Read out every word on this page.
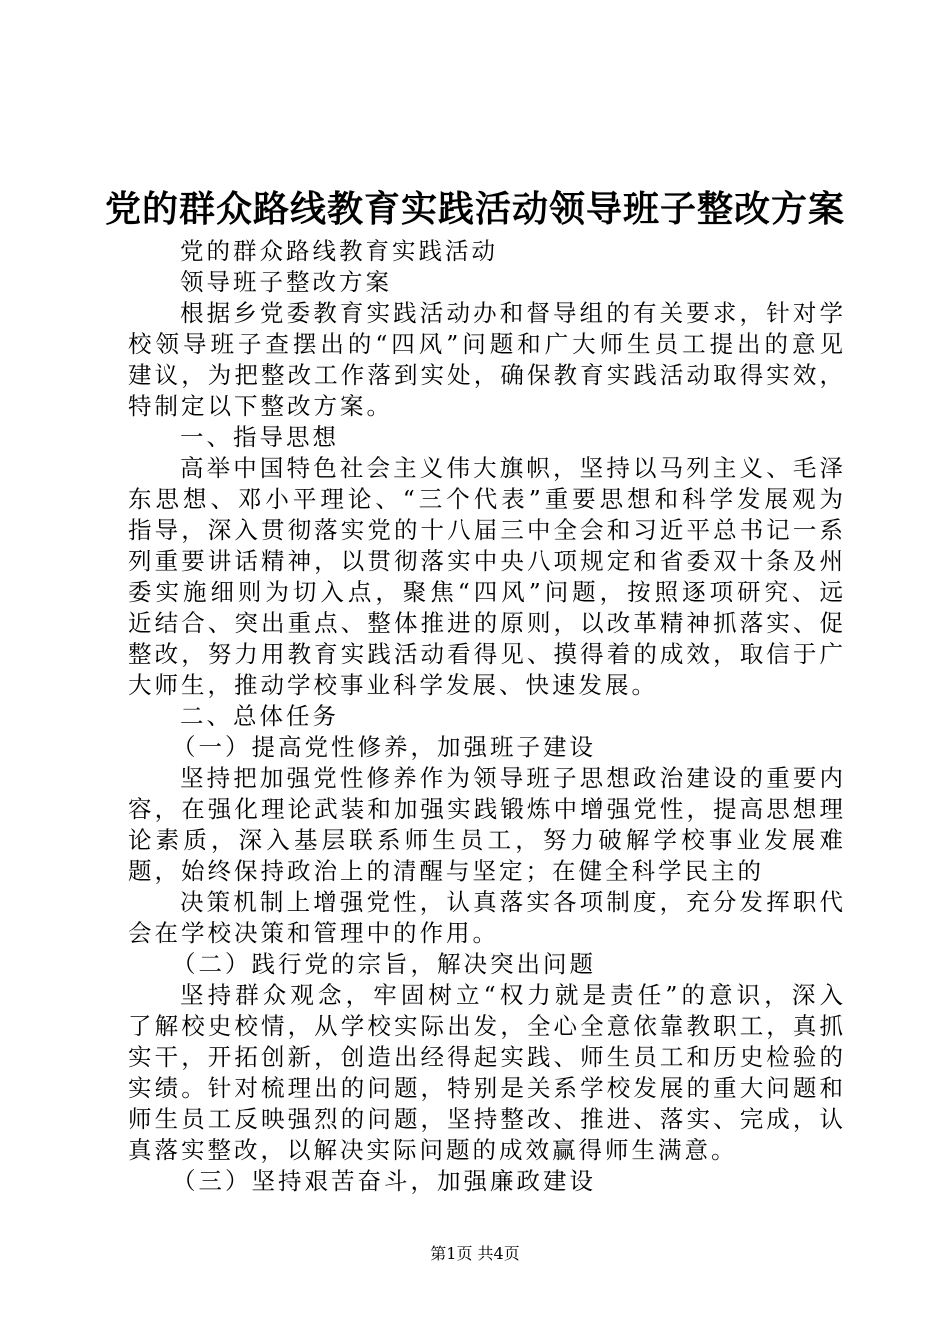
党的群众路线教育实践活动领导班子整改方案

党的群众路线教育实践活动

领导班子整改方案

根据乡党委教育实践活动办和督导组的有关要求，针对学校领导班子查摆出的“四风”问题和广大师生员工提出的意见建议，为把整改工作落到实处，确保教育实践活动取得实效，特制定以下整改方案。

一、指导思想

高举中国特色社会主义伟大旗帜，坚持以马列主义、毛泽东思想、邓小平理论、“三个代表”重要思想和科学发展观为指导，深入贯彻落实党的十八届三中全会和习近平总书记一系列重要讲话精神，以贯彻落实中央八项规定和省委双十条及州委实施细则为切入点，聚焦“四风”问题，按照逐项研究、远近结合、突出重点、整体推进的原则，以改革精神抓落实、促整改，努力用教育实践活动看得见、摸得着的成效，取信于广大师生，推动学校事业科学发展、快速发展。

二、总体任务

（一）提高党性修养，加强班子建设

坚持把加强党性修养作为领导班子思想政治建设的重要内容，在强化理论武装和加强实践锻炼中增强党性，提高思想理论素质，深入基层联系师生员工，努力破解学校事业发展难题，始终保持政治上的清醒与坚定；在健全科学民主的

决策机制上增强党性，认真落实各项制度，充分发挥职代会在学校决策和管理中的作用。

（二）践行党的宗旨，解决突出问题

坚持群众观念，牢固树立“权力就是责任”的意识，深入了解校史校情，从学校实际出发，全心全意依靠教职工，真抓实干，开拓创新，创造出经得起实践、师生员工和历史检验的实绩。针对梳理出的问题，特别是关系学校发展的重大问题和师生员工反映强烈的问题，坚持整改、推进、落实、完成，认真落实整改，以解决实际问题的成效赢得师生满意。

（三）坚持艰苦奋斗，加强廉政建设

第1页 共4页
